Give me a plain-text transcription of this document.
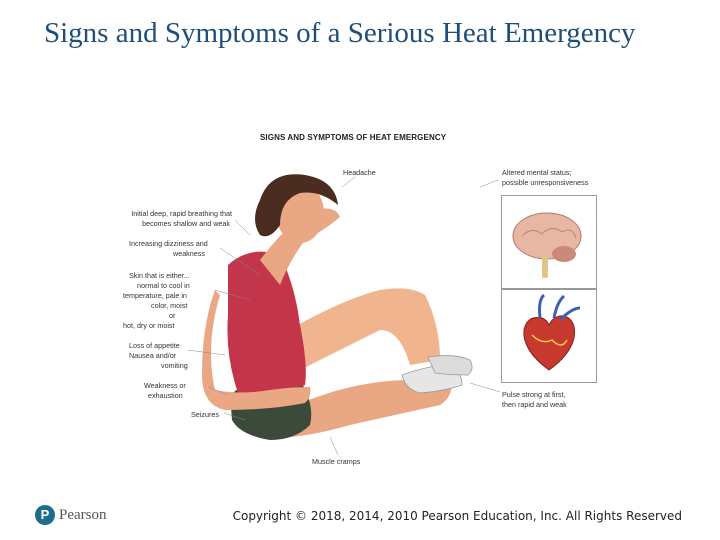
Signs and Symptoms of a Serious Heat Emergency
SIGNS AND SYMPTOMS OF HEAT EMERGENCY
Headache	Altered mental status;
possible unresponsiveness
Initial deep, rapid breathing that
becomes shallow and weak
Increasing dizziness and
weakness
Skin that is either...
normal to cool in
temperature, pale in
color, moist
or
hot, dry or moist
Loss of appetite
Nausea and/or
vomiting
Weakness or
exhaustion
Seizures
Pulse strong at first,
then rapid and weak
Muscle cramps
P Pearson	Copyright © 2018, 2014, 2010 Pearson Education, Inc. All Rights Reserved
